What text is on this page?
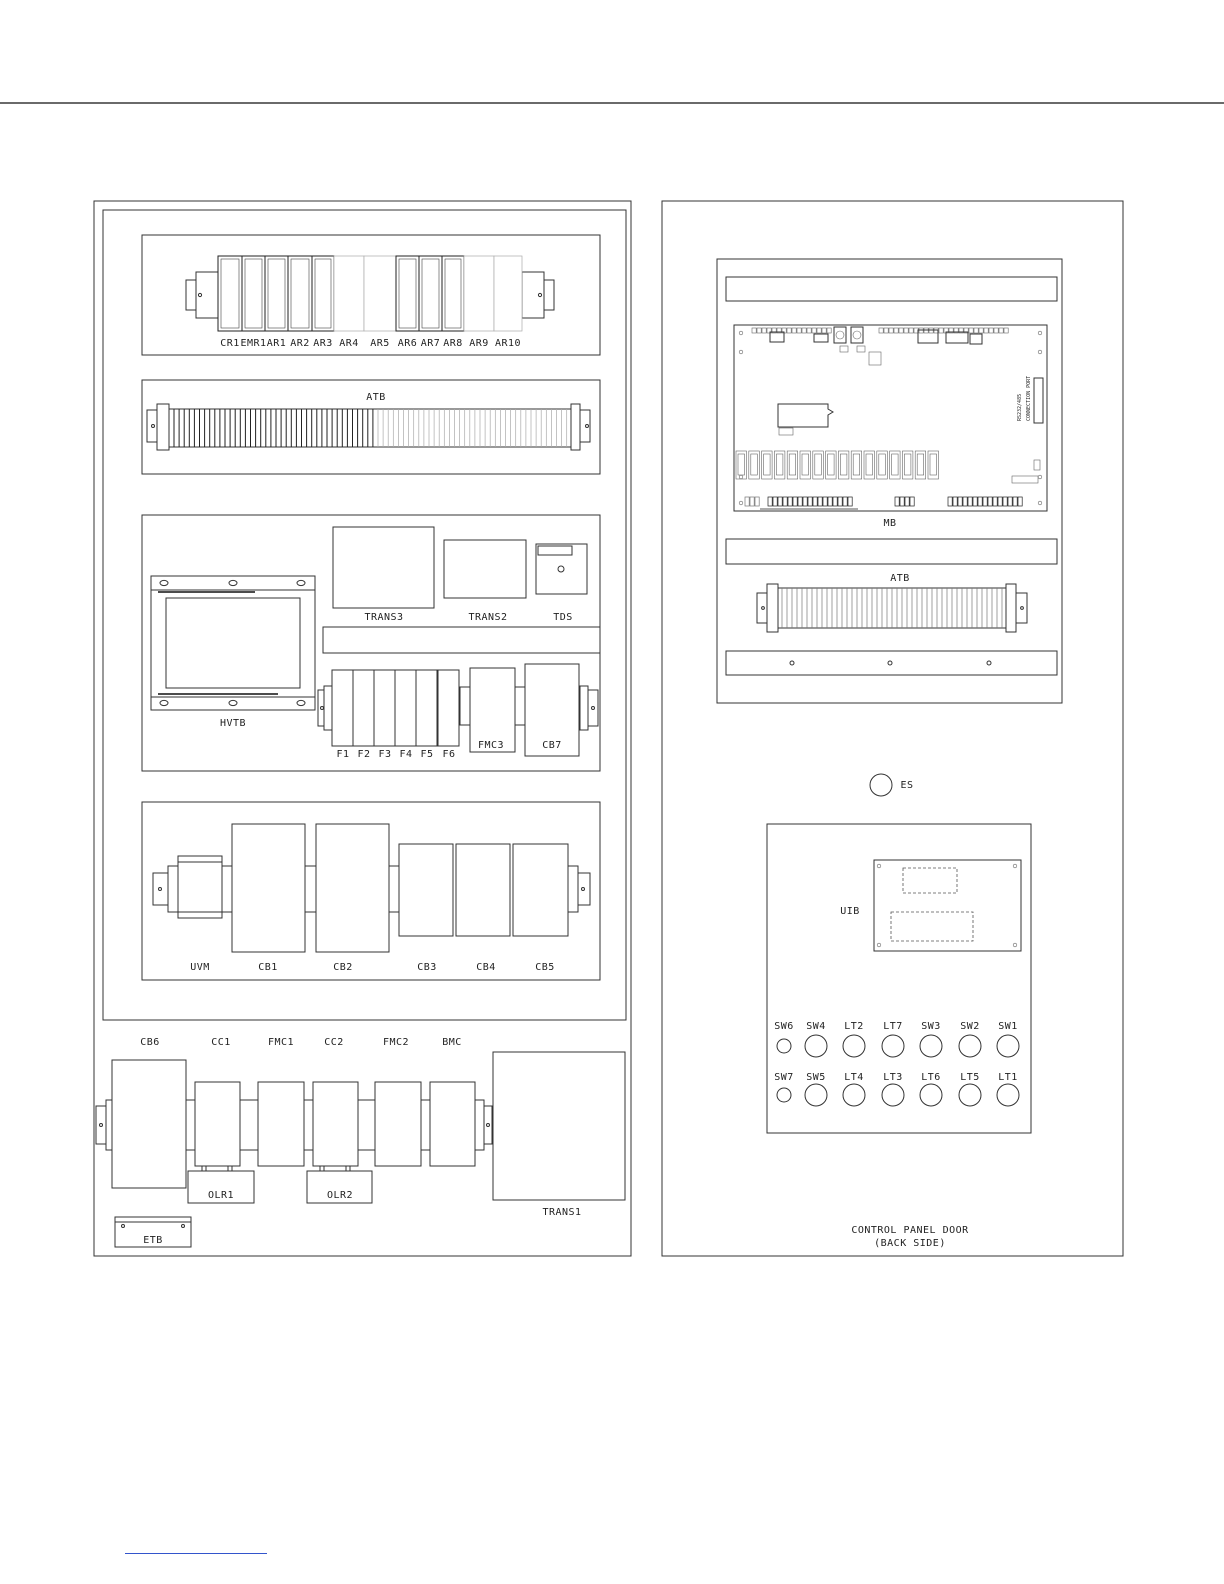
CR1 EMR1 AR1 AR2 AR3 AR4 AR5 AR6 AR7 AR8 AR9 AR10
ATB
TRANS3	TRANS2	TDS
HVTB
F1 F2 F3 F4 F5 F6
FMC3	CB7
UVM	CB1	CB2	CB3	CB4	CB5
CB6	CC1	FMC1	CC2	FMC2	BMC
OLR1	OLR2
TRANS1
ETB
RS232/485 CONNECTION PORT
MB
ATB
ES
UIB
SW6 SW4 LT2 LT7 SW3 SW2 SW1
SW7 SW5 LT4 LT3 LT6 LT5 LT1
CONTROL PANEL DOOR
(BACK SIDE)
